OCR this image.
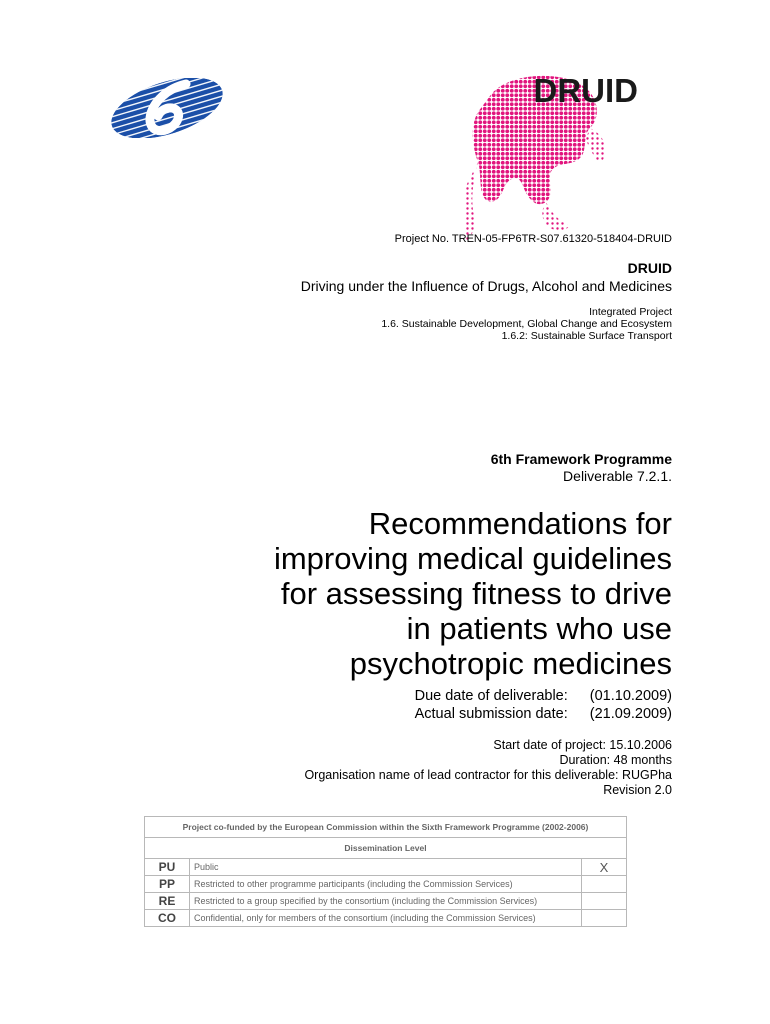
DRUID
Project No. TREN-05-FP6TR-S07.61320-518404-DRUID
DRUID
Driving under the Influence of Drugs, Alcohol and Medicines
Integrated Project
1.6. Sustainable Development, Global Change and Ecosystem
1.6.2: Sustainable Surface Transport
6th Framework Programme
Deliverable 7.2.1.
Recommendations for
improving medical guidelines
for assessing fitness to drive
in patients who use
psychotropic medicines
Due date of deliverable:	(01.10.2009)
Actual submission date:	(21.09.2009)
Start date of project: 15.10.2006
Duration: 48 months
Organisation name of lead contractor for this deliverable: RUGPha
Revision 2.0
Project co-funded by the European Commission within the Sixth Framework Programme (2002-2006)		
Dissemination Level		
PU	Public	X
PP	Restricted to other programme participants (including the Commission Services)	
RE	Restricted to a group specified by the consortium (including the Commission Services)	
CO	Confidential, only for members of the consortium (including the Commission Services)	
